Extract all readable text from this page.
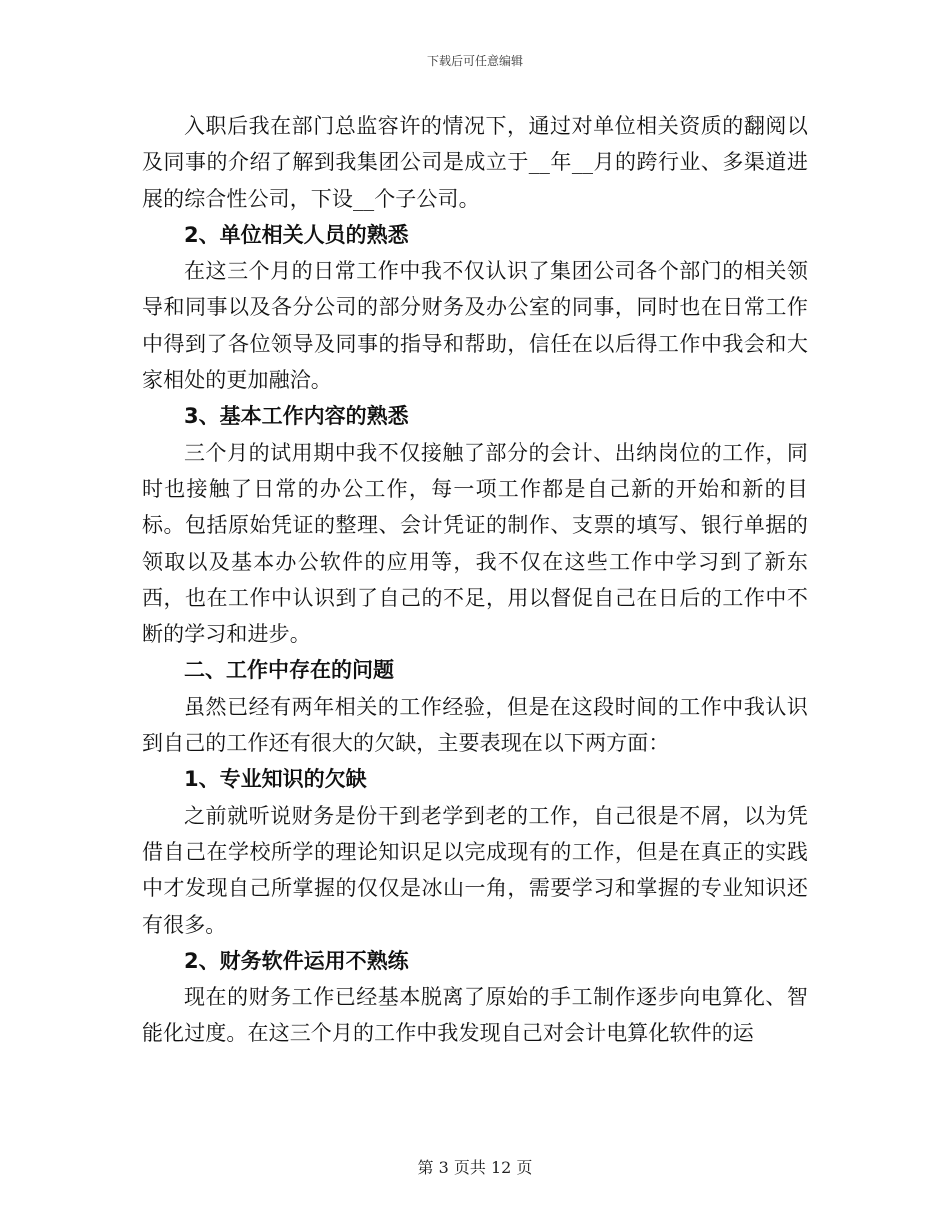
下载后可任意编辑

入职后我在部门总监容许的情况下，通过对单位相关资质的翻阅以及同事的介绍了解到我集团公司是成立于__年__月的跨行业、多渠道进展的综合性公司，下设__个子公司。

2、单位相关人员的熟悉

在这三个月的日常工作中我不仅认识了集团公司各个部门的相关领导和同事以及各分公司的部分财务及办公室的同事，同时也在日常工作中得到了各位领导及同事的指导和帮助，信任在以后得工作中我会和大家相处的更加融洽。

3、基本工作内容的熟悉

三个月的试用期中我不仅接触了部分的会计、出纳岗位的工作，同时也接触了日常的办公工作，每一项工作都是自己新的开始和新的目标。包括原始凭证的整理、会计凭证的制作、支票的填写、银行单据的领取以及基本办公软件的应用等，我不仅在这些工作中学习到了新东西，也在工作中认识到了自己的不足，用以督促自己在日后的工作中不断的学习和进步。

二、工作中存在的问题

虽然已经有两年相关的工作经验，但是在这段时间的工作中我认识到自己的工作还有很大的欠缺，主要表现在以下两方面：

1、专业知识的欠缺

之前就听说财务是份干到老学到老的工作，自己很是不屑，以为凭借自己在学校所学的理论知识足以完成现有的工作，但是在真正的实践中才发现自己所掌握的仅仅是冰山一角，需要学习和掌握的专业知识还有很多。

2、财务软件运用不熟练

现在的财务工作已经基本脱离了原始的手工制作逐步向电算化、智能化过度。在这三个月的工作中我发现自己对会计电算化软件的运

第 3 页共 12 页
